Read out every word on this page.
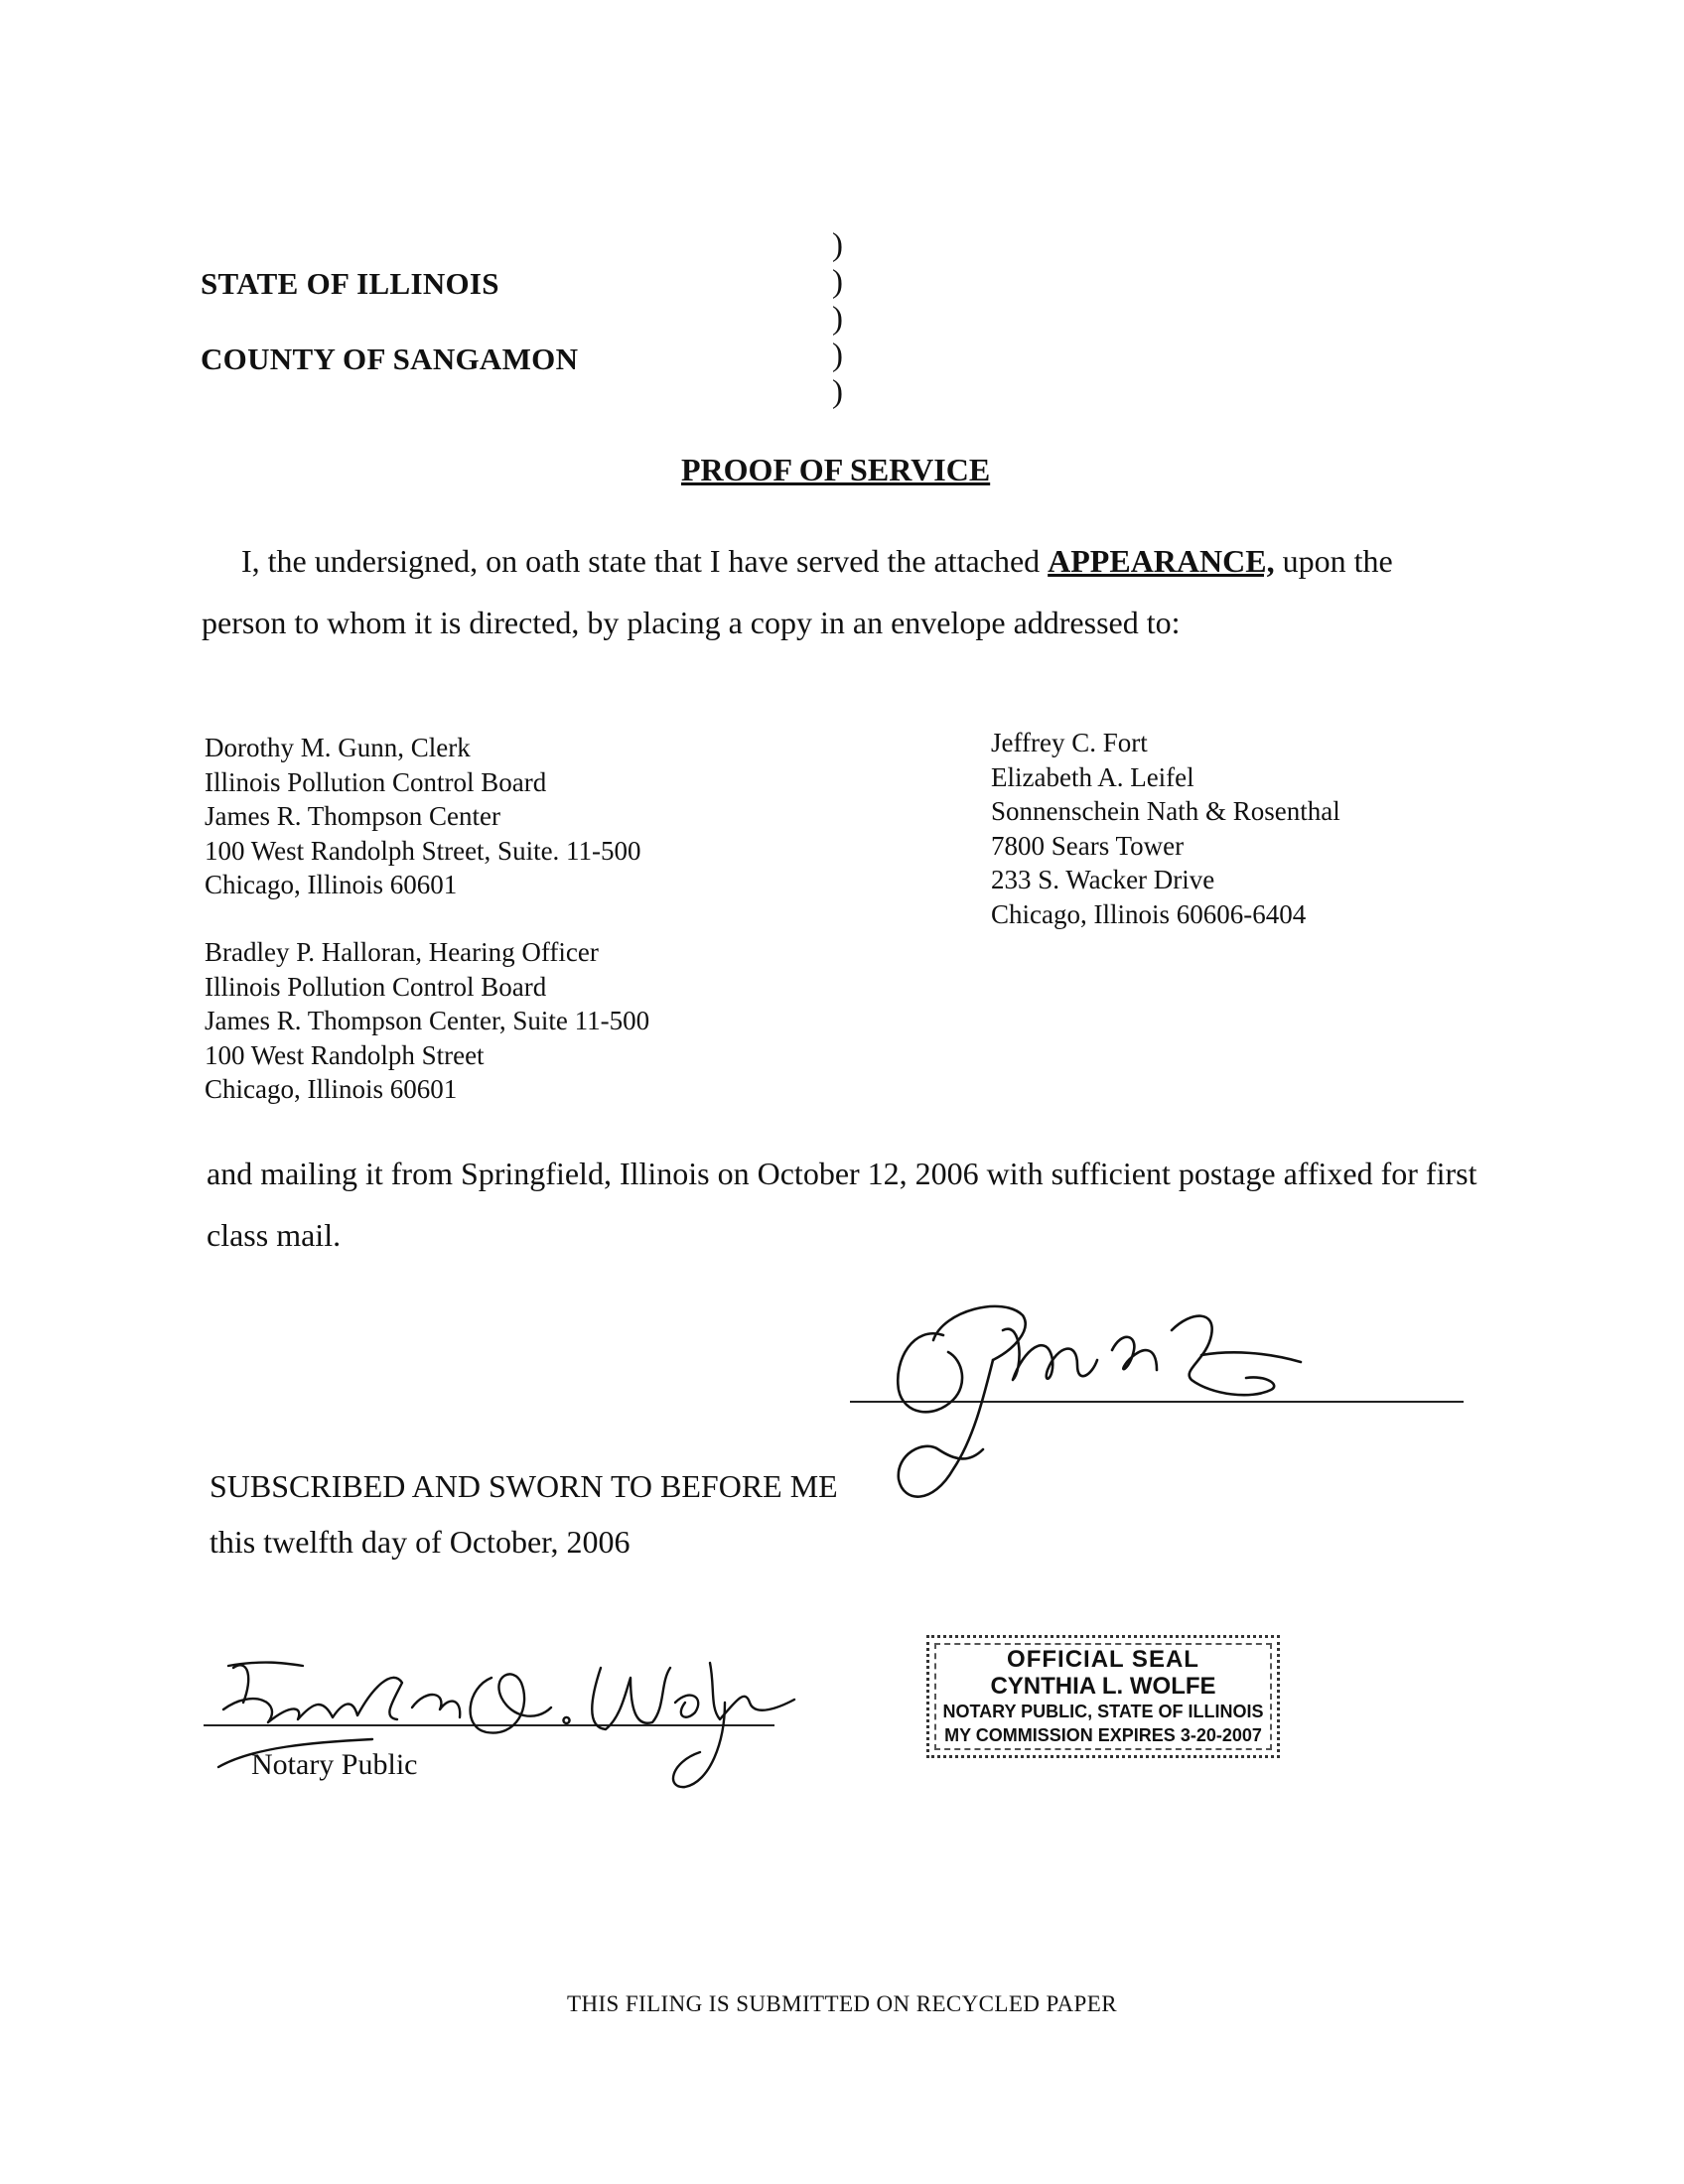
STATE OF ILLINOIS
COUNTY OF SANGAMON
)
)
)
)
)
PROOF OF SERVICE
I, the undersigned, on oath state that I have served the attached APPEARANCE, upon the person to whom it is directed, by placing a copy in an envelope addressed to:
Dorothy M. Gunn, Clerk
Illinois Pollution Control Board
James R. Thompson Center
100 West Randolph Street, Suite. 11-500
Chicago, Illinois 60601
Bradley P. Halloran, Hearing Officer
Illinois Pollution Control Board
James R. Thompson Center, Suite 11-500
100 West Randolph Street
Chicago, Illinois 60601
Jeffrey C. Fort
Elizabeth A. Leifel
Sonnenschein Nath & Rosenthal
7800 Sears Tower
233 S. Wacker Drive
Chicago, Illinois 60606-6404
and mailing it from Springfield, Illinois on October 12, 2006 with sufficient postage affixed for first class mail.
SUBSCRIBED AND SWORN TO BEFORE ME
this twelfth day of October, 2006
Notary Public
OFFICIAL SEAL
CYNTHIA L. WOLFE
NOTARY PUBLIC, STATE OF ILLINOIS
MY COMMISSION EXPIRES 3-20-2007
THIS FILING IS SUBMITTED ON RECYCLED PAPER
